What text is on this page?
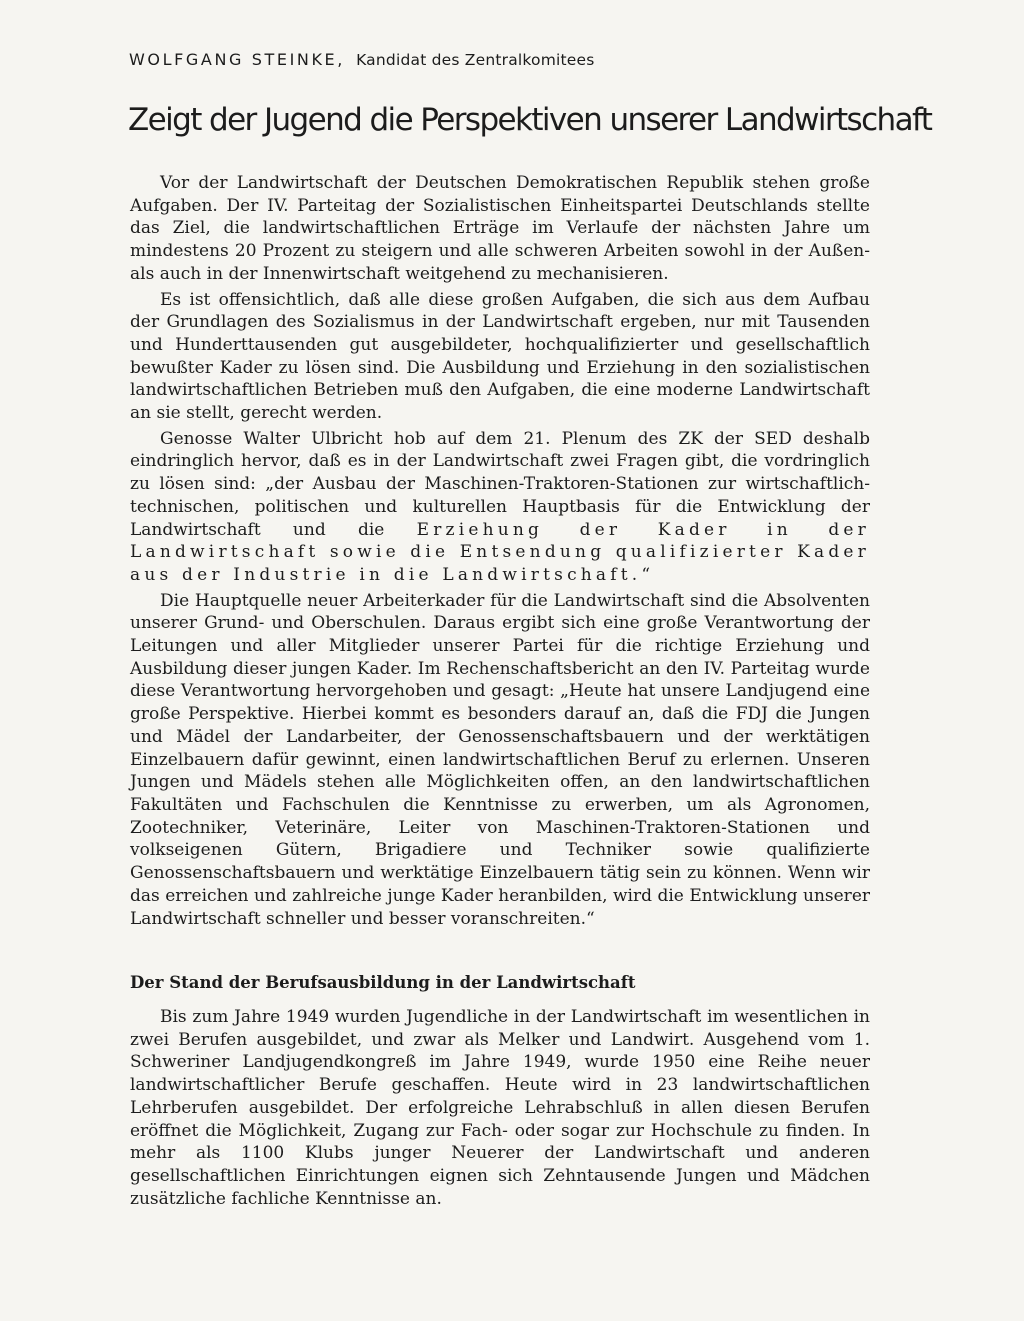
WOLFGANG STEINKE, Kandidat des Zentralkomitees
Zeigt der Jugend die Perspektiven unserer Landwirtschaft

Vor der Landwirtschaft der Deutschen Demokratischen Republik stehen große Aufgaben. Der IV. Parteitag der Sozialistischen Einheitspartei Deutschlands stellte das Ziel, die landwirtschaftlichen Erträge im Verlaufe der nächsten Jahre um mindestens 20 Prozent zu steigern und alle schweren Arbeiten sowohl in der Außen- als auch in der Innenwirtschaft weitgehend zu mechanisieren.

Es ist offensichtlich, daß alle diese großen Aufgaben, die sich aus dem Aufbau der Grundlagen des Sozialismus in der Landwirtschaft ergeben, nur mit Tausenden und Hunderttausenden gut ausgebildeter, hochqualifizierter und gesellschaftlich bewußter Kader zu lösen sind. Die Ausbildung und Erziehung in den sozialistischen landwirtschaftlichen Betrieben muß den Aufgaben, die eine moderne Landwirtschaft an sie stellt, gerecht werden.

Genosse Walter Ulbricht hob auf dem 21. Plenum des ZK der SED deshalb eindringlich hervor, daß es in der Landwirtschaft zwei Fragen gibt, die vordringlich zu lösen sind: „der Ausbau der Maschinen-Traktoren-Stationen zur wirtschaftlich-technischen, politischen und kulturellen Hauptbasis für die Entwicklung der Landwirtschaft und die Erziehung der Kader in der Landwirtschaft sowie die Entsendung qualifizierter Kader aus der Industrie in die Landwirtschaft.“

Die Hauptquelle neuer Arbeiterkader für die Landwirtschaft sind die Absolventen unserer Grund- und Oberschulen. Daraus ergibt sich eine große Verantwortung der Leitungen und aller Mitglieder unserer Partei für die richtige Erziehung und Ausbildung dieser jungen Kader. Im Rechenschaftsbericht an den IV. Parteitag wurde diese Verantwortung hervorgehoben und gesagt: „Heute hat unsere Landjugend eine große Perspektive. Hierbei kommt es besonders darauf an, daß die FDJ die Jungen und Mädel der Landarbeiter, der Genossenschaftsbauern und der werktätigen Einzelbauern dafür gewinnt, einen landwirtschaftlichen Beruf zu erlernen. Unseren Jungen und Mädels stehen alle Möglichkeiten offen, an den landwirtschaftlichen Fakultäten und Fachschulen die Kenntnisse zu erwerben, um als Agronomen, Zootechniker, Veterinäre, Leiter von Maschinen-Traktoren-Stationen und volkseigenen Gütern, Brigadiere und Techniker sowie qualifizierte Genossenschaftsbauern und werktätige Einzelbauern tätig sein zu können. Wenn wir das erreichen und zahlreiche junge Kader heranbilden, wird die Entwicklung unserer Landwirtschaft schneller und besser voranschreiten.“

Der Stand der Berufsausbildung in der Landwirtschaft

Bis zum Jahre 1949 wurden Jugendliche in der Landwirtschaft im wesentlichen in zwei Berufen ausgebildet, und zwar als Melker und Landwirt. Ausgehend vom 1. Schweriner Landjugendkongreß im Jahre 1949, wurde 1950 eine Reihe neuer landwirtschaftlicher Berufe geschaffen. Heute wird in 23 landwirtschaftlichen Lehrberufen ausgebildet. Der erfolgreiche Lehrabschluß in allen diesen Berufen eröffnet die Möglichkeit, Zugang zur Fach- oder sogar zur Hochschule zu finden. In mehr als 1100 Klubs junger Neuerer der Landwirtschaft und anderen gesellschaftlichen Einrichtungen eignen sich Zehntausende Jungen und Mädchen zusätzliche fachliche Kenntnisse an.
